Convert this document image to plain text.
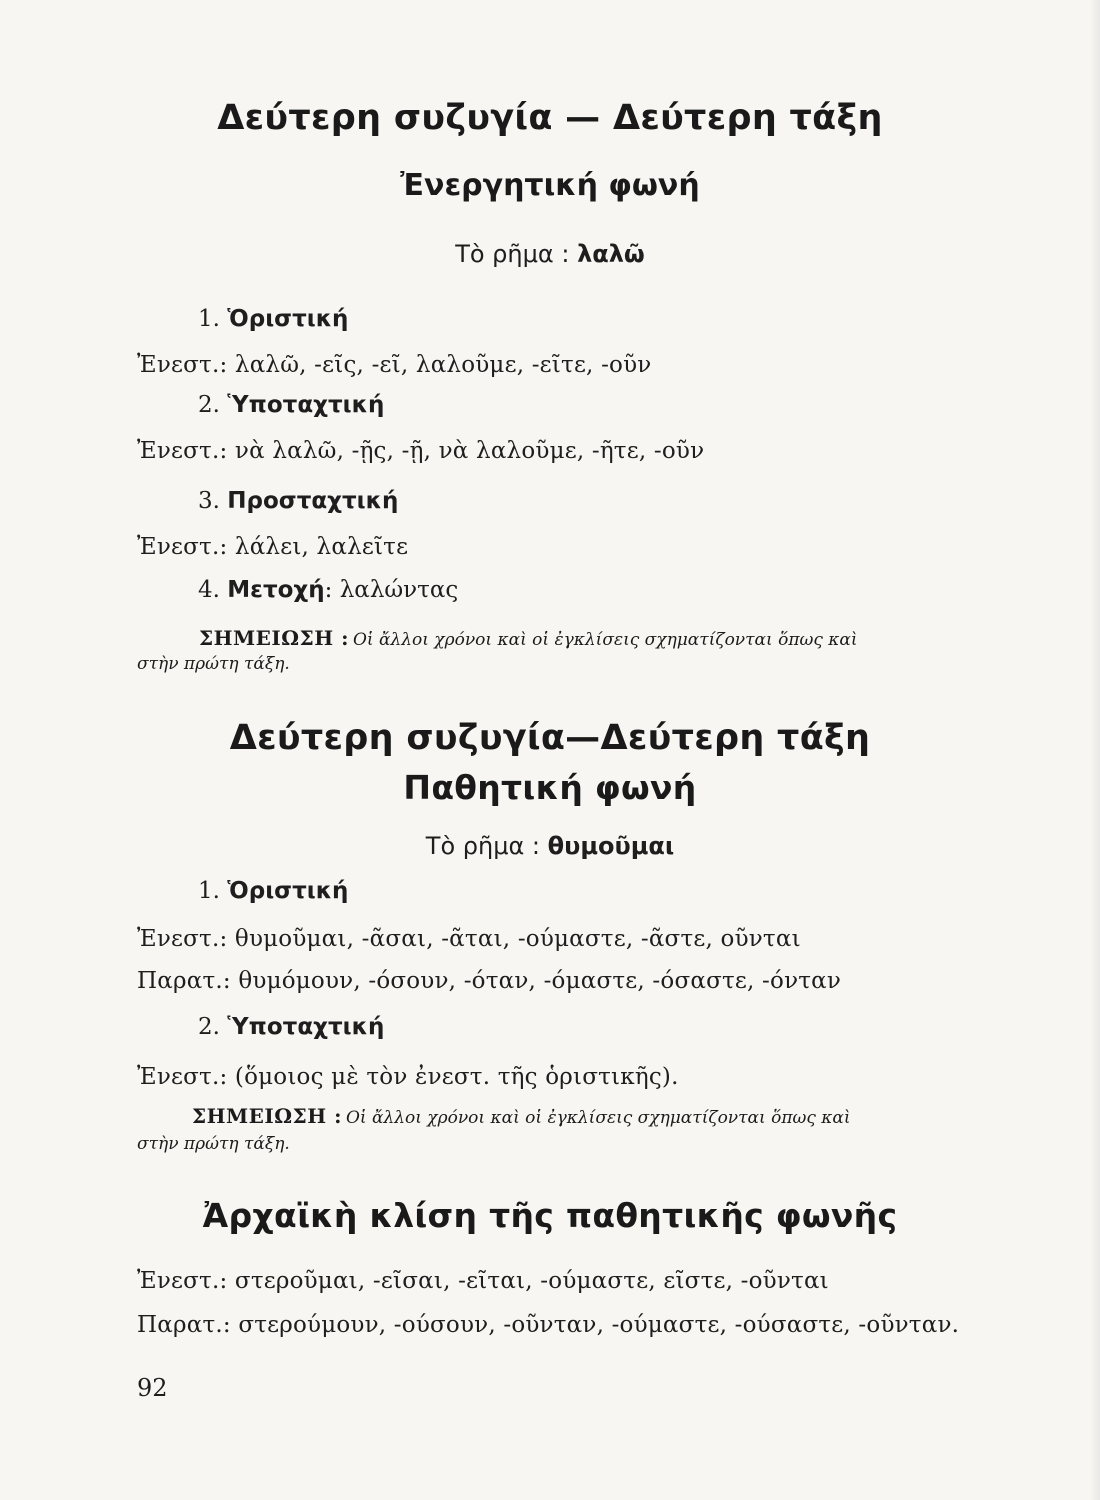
Δεύτερη συζυγία — Δεύτερη τάξη
Ἐνεργητική φωνή
Τὸ ρῆμα : λαλῶ
1. Ὁριστική
Ἐνεστ.: λαλῶ, -εῖς, -εῖ, λαλοῦμε, -εῖτε, -οῦν
2. Ὑποταχτική
Ἐνεστ.: νὰ λαλῶ, -ῇς, -ῇ, νὰ λαλοῦμε, -ῆτε, -οῦν
3. Προσταχτική
Ἐνεστ.: λάλει, λαλεῖτε
4. Μετοχή: λαλώντας
ΣΗΜΕΙΩΣΗ : Οἱ ἄλλοι χρόνοι καὶ οἱ ἐγκλίσεις σχηματίζονται ὅπως καὶ
στὴν πρώτη τάξη.
Δεύτερη συζυγία—Δεύτερη τάξη
Παθητική φωνή
Τὸ ρῆμα : θυμοῦμαι
1. Ὁριστική
Ἐνεστ.: θυμοῦμαι, -ᾶσαι, -ᾶται, -ούμαστε, -ᾶστε, οῦνται
Παρατ.: θυμόμουν, -όσουν, -όταν, -όμαστε, -όσαστε, -όνταν
2. Ὑποταχτική
Ἐνεστ.: (ὅμοιος μὲ τὸν ἐνεστ. τῆς ὁριστικῆς).
ΣΗΜΕΙΩΣΗ : Οἱ ἄλλοι χρόνοι καὶ οἱ ἐγκλίσεις σχηματίζονται ὅπως καὶ
στὴν πρώτη τάξη.
Ἀρχαϊκὴ κλίση τῆς παθητικῆς φωνῆς
Ἐνεστ.: στεροῦμαι, -εῖσαι, -εῖται, -ούμαστε, εῖστε, -οῦνται
Παρατ.: στερούμουν, -ούσουν, -οῦνταν, -ούμαστε, -ούσαστε, -οῦνταν.
92
